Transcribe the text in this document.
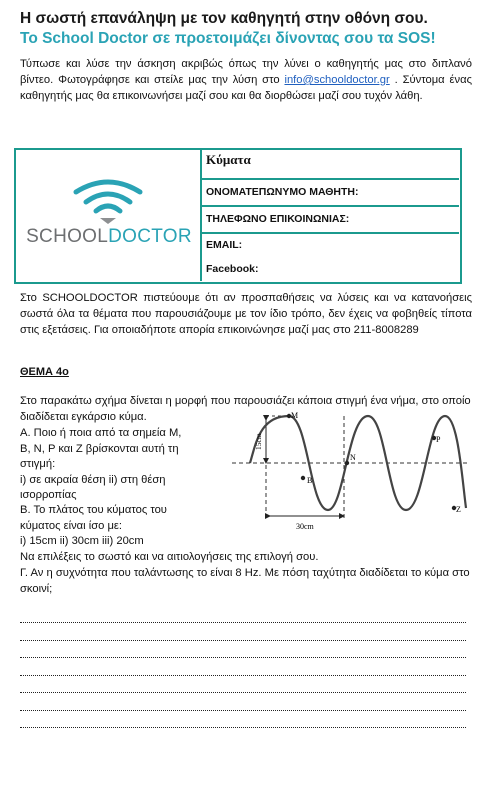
Η σωστή επανάληψη με τον καθηγητή στην οθόνη σου.
Το School Doctor σε προετοιμάζει δίνοντας σου τα SOS!
Τύπωσε και λύσε την άσκηση ακριβώς όπως την λύνει ο καθηγητής μας στο διπλανό βίντεο. Φωτογράφησε και στείλε μας την λύση στο info@schooldoctor.gr . Σύντομα ένας καθηγητής μας θα επικοινωνήσει μαζί σου και θα διορθώσει μαζί σου τυχόν λάθη.
SCHOOLDOCTOR
Κύματα
ΟΝΟΜΑΤΕΠΩΝΥΜΟ ΜΑΘΗΤΗ:
ΤΗΛΕΦΩΝΟ ΕΠΙΚΟΙΝΩΝΙΑΣ:
EMAIL:
Facebook:
Στο SCHOOLDOCTOR πιστεύουμε ότι αν προσπαθήσεις να λύσεις και να κατανοήσεις σωστά όλα τα θέματα που παρουσιάζουμε με τον ίδιο τρόπο, δεν έχεις να φοβηθείς τίποτα στις εξετάσεις. Για οποιαδήποτε απορία επικοινώνησε μαζί μας στο 211-8008289
ΘΕΜΑ 4ο
Στο παρακάτω σχήμα δίνεται η μορφή που παρουσιάζει κάποια στιγμή ένα νήμα, στο οποίο διαδίδεται εγκάρσιο κύμα.
Α. Ποιο ή ποια από τα σημεία Μ,
Β, Ν, Ρ και Ζ βρίσκονται αυτή τη
στιγμή:
i) σε ακραία θέση ii) στη θέση
ισορροπίας
Β. Το πλάτος του κύματος του
κύματος είναι ίσο με:
i) 15cm ii) 30cm iii) 20cm
Να επιλέξεις το σωστό και να αιτιολογήσεις της επιλογή σου.
Γ. Αν η συχνότητα που ταλάντωσης το είναι 8 Hz. Με πόση ταχύτητα διαδίδεται το κύμα στο σκοινί;
M
B
N
P
Z
15cm
30cm
